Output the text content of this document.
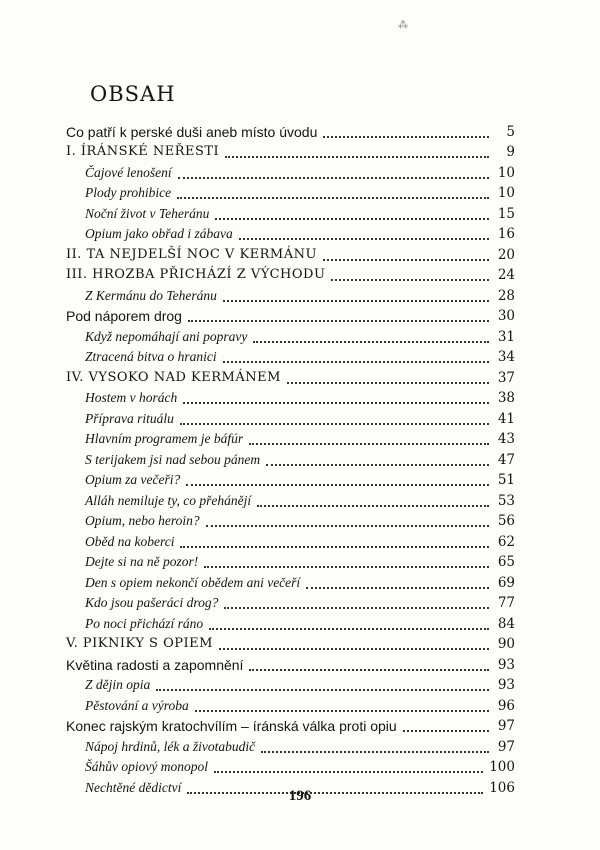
⁂
OBSAH
Co patří k perské duši aneb místo úvodu	5
I. ÍRÁNSKÉ NEŘESTI	9
Čajové lenošení	10
Plody prohibice	10
Noční život v Teheránu	15
Opium jako obřad i zábava	16
II. TA NEJDELŠÍ NOC V KERMÁNU	20
III. HROZBA PŘICHÁZÍ Z VÝCHODU	24
Z Kermánu do Teheránu	28
Pod náporem drog	30
Když nepomáhají ani popravy	31
Ztracená bitva o hranici	34
IV. VYSOKO NAD KERMÁNEM	37
Hostem v horách	38
Příprava rituálu	41
Hlavním programem je báfúr	43
S terijakem jsi nad sebou pánem	47
Opium za večeři?	51
Alláh nemiluje ty, co přehánějí	53
Opium, nebo heroin?	56
Oběd na koberci	62
Dejte si na ně pozor!	65
Den s opiem nekončí obědem ani večeří	69
Kdo jsou pašeráci drog?	77
Po noci přichází ráno	84
V. PIKNIKY S OPIEM	90
Květina radosti a zapomnění	93
Z dějin opia	93
Pěstování a výroba	96
Konec rajským kratochvílím – íránská válka proti opiu	97
Nápoj hrdinů, lék a životabudič	97
Šáhův opiový monopol	100
Nechtěné dědictví	106
196
